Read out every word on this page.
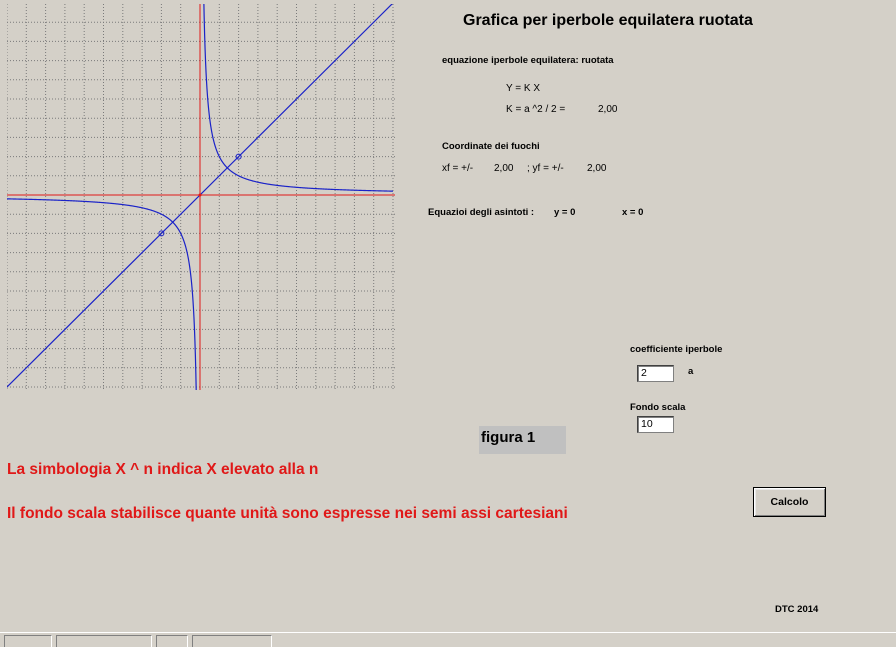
Grafica per iperbole equilatera ruotata
equazione iperbole equilatera: ruotata
Y = K X
K = a ^2 / 2 =	2,00
Coordinate dei fuochi
xf = +/- 2,00 ; yf = +/- 2,00
Equazioi degli asintoti : y = 0	x = 0
coefficiente iperbole
2	a
Fondo scala
10
figura 1
La simbologia X ^ n indica X elevato alla n
Il fondo scala stabilisce quante unità sono espresse nei semi assi cartesiani
Calcolo
DTC 2014
